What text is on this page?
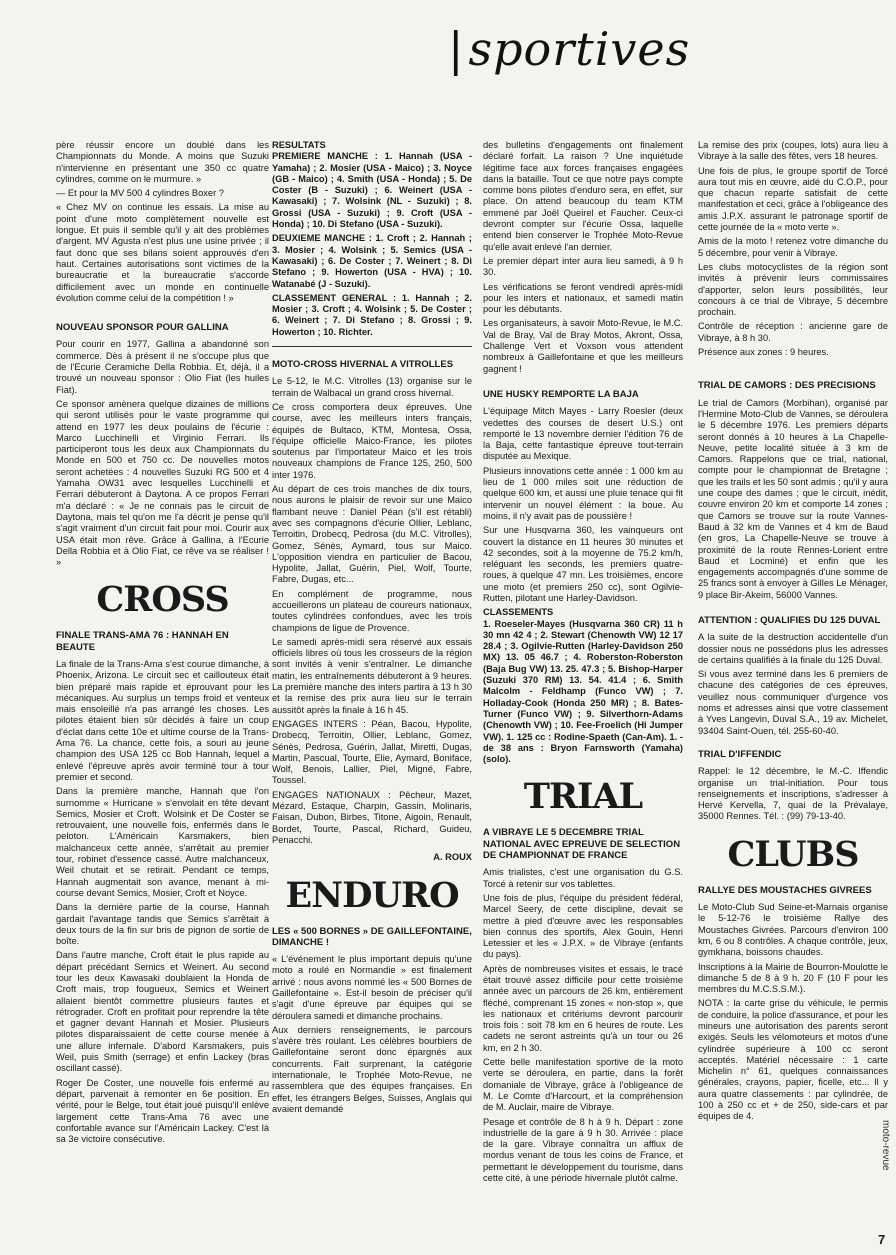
|sportives

père réussir encore un doublé dans les Championnats du Monde. A moins que Suzuki n'intervienne en présentant une 350 cc quatre cylindres, comme on le murmure. »

— Et pour la MV 500 4 cylindres Boxer ?

« Chez MV on continue les essais. La mise au point d'une moto complètement nouvelle est longue. Et puis il semble qu'il y ait des problèmes d'argent. MV Agusta n'est plus une usine privée ; il faut donc que ses bilans soient approuvés d'en haut. Certaines autorisations sont victimes de la bureaucratie et la bureaucratie s'accorde difficilement avec un monde en continuelle évolution comme celui de la compétition ! »

NOUVEAU SPONSOR POUR GALLINA

Pour courir en 1977, Gallina a abandonné son commerce. Dès à présent il ne s'occupe plus que de l'Ecurie Ceramiche Della Robbia. Et, déjà, il a trouvé un nouveau sponsor : Olio Fiat (les huiles Fiat).

Ce sponsor amènera quelque dizaines de millions qui seront utilisés pour le vaste programme qui attend en 1977 les deux poulains de l'écurie : Marco Lucchinelli et Virginio Ferrari. Ils participeront tous les deux aux Championnats du Monde en 500 et 750 cc. De nouvelles motos seront achetées : 4 nouvelles Suzuki RG 500 et 4 Yamaha OW31 avec lesquelles Lucchinelli et Ferrari débuteront à Daytona. A ce propos Ferrari m'a déclaré : « Je ne connais pas le circuit de Daytona, mais tel qu'on me l'a décrit je pense qu'il s'agit vraiment d'un circuit fait pour moi. Courir aux USA était mon rêve. Grâce à Gallina, à l'Ecurie Della Robbia et à Olio Fiat, ce rêve va se réaliser ! »

CROSS
FINALE TRANS-AMA 76 : HANNAH EN BEAUTE

La finale de la Trans-Ama s'est courue dimanche, à Phoenix, Arizona. Le circuit sec et caillouteux était bien préparé mais rapide et éprouvant pour les mécaniques. Au surplus un temps froid et venteux mais ensoleillé n'a pas arrangé les choses. Les pilotes étaient bien sûr décidés à faire un coup d'éclat dans cette 10e et ultime course de la Trans-Ama 76. La chance, cette fois, a souri au jeune champion des USA 125 cc Bob Hannah, lequel a enlevé l'épreuve après avoir terminé tour à tour premier et second.

Dans la première manche, Hannah que l'on surnomme « Hurricane » s'envolait en tête devant Semics, Mosier et Croft. Wolsink et De Coster se retrouvaient, une nouvelle fois, enfermés dans le peloton. L'Américain Karsmakers, bien malchanceux cette année, s'arrêtait au premier tour, robinet d'essence cassé. Autre malchanceux, Weil chutait et se retirait. Pendant ce temps, Hannah augmentait son avance, menant à mi-course devant Semics, Mosier, Croft et Noyce.

Dans la dernière partie de la course, Hannah gardait l'avantage tandis que Semics s'arrêtait à deux tours de la fin sur bris de pignon de sortie de boîte.

Dans l'autre manche, Croft était le plus rapide au départ précédant Semics et Weinert. Au second tour les deux Kawasaki doublaient la Honda de Croft mais, trop fougueux, Semics et Weinert allaient bientôt commettre plusieurs fautes et rétrograder. Croft en profitait pour reprendre la tête et gagner devant Hannah et Mosier. Plusieurs pilotes disparaissaient de cette course menée à une allure infernale. D'abord Karsmakers, puis Weil, puis Smith (serrage) et enfin Lackey (bras oscillant cassé).

Roger De Coster, une nouvelle fois enfermé au départ, parvenait à remonter en 6e position. En vérité, pour le Belge, tout était joué puisqu'il enlève largement cette Trans-Ama 76 avec une confortable avance sur l'Américain Lackey. C'est là sa 3e victoire consécutive.

RESULTATS

PREMIERE MANCHE : 1. Hannah (USA - Yamaha) ; 2. Mosier (USA - Maico) ; 3. Noyce (GB - Maico) ; 4. Smith (USA - Honda) ; 5. De Coster (B - Suzuki) ; 6. Weinert (USA - Kawasaki) ; 7. Wolsink (NL - Suzuki) ; 8. Grossi (USA - Suzuki) ; 9. Croft (USA - Honda) ; 10. Di Stefano (USA - Suzuki).

DEUXIEME MANCHE : 1. Croft ; 2. Hannah ; 3. Mosier ; 4. Wolsink ; 5. Semics (USA - Kawasaki) ; 6. De Coster ; 7. Weinert ; 8. Di Stefano ; 9. Howerton (USA - HVA) ; 10. Watanabé (J - Suzuki).

CLASSEMENT GENERAL : 1. Hannah ; 2. Mosier ; 3. Croft ; 4. Wolsink ; 5. De Coster ; 6. Weinert ; 7. Di Stefano ; 8. Grossi ; 9. Howerton ; 10. Richter.

MOTO-CROSS HIVERNAL A VITROLLES

Le 5-12, le M.C. Vitrolles (13) organise sur le terrain de Walbacal un grand cross hivernal.

Ce cross comportera deux épreuves. Une course, avec les meilleurs inters français, équipés de Bultaco, KTM, Montesa, Ossa, l'équipe officielle Maico-France, les pilotes soutenus par l'importateur Maico et les trois nouveaux champions de France 125, 250, 500 inter 1976.

Au départ de ces trois manches de dix tours, nous aurons le plaisir de revoir sur une Maico flambant neuve : Daniel Péan (s'il est rétabli) avec ses compagnons d'écurie Ollier, Leblanc, Terroitin, Drobecq, Pedrosa (du M.C. Vitrolles), Gomez, Sénès, Aymard, tous sur Maico. L'opposition viendra en particulier de Bacou, Hypolite, Jallat, Guérin, Piel, Wolf, Tourte, Fabre, Dugas, etc...

En complément de programme, nous accueillerons un plateau de coureurs nationaux, toutes cylindrées confondues, avec les trois champions de ligue de Provence.

Le samedi après-midi sera réservé aux essais officiels libres où tous les crosseurs de la région sont invités à venir s'entraîner. Le dimanche matin, les entraînements débuteront à 9 heures. La première manche des inters partira à 13 h 30 et la remise des prix aura lieu sur le terrain aussitôt après la finale à 16 h 45.

ENGAGES INTERS : Péan, Bacou, Hypolite, Drobecq, Terroitin, Ollier, Leblanc, Gomez, Sénès, Pedrosa, Guérin, Jallat, Miretti, Dugas, Martin, Pascual, Tourte, Elie, Aymard, Boniface, Wolf, Benois, Lallier, Piel, Migné, Fabre, Toussel.

ENGAGES NATIONAUX : Pêcheur, Mazet, Mézard, Estaque, Charpin, Gassin, Molinaris, Faisan, Dubon, Birbes, Titone, Aigoin, Renault, Bordet, Tourte, Pascal, Richard, Guideu, Penacchi.

A. ROUX
ENDURO
LES « 500 BORNES » DE GAILLEFONTAINE, DIMANCHE !

« L'événement le plus important depuis qu'une moto a roulé en Normandie » est finalement arrivé : nous avons nommé les « 500 Bornes de Gaillefontaine ». Est-il besoin de préciser qu'il s'agit d'une épreuve par équipes qui se déroulera samedi et dimanche prochains.

Aux derniers renseignements, le parcours s'avère très roulant. Les célèbres bourbiers de Gaillefontaine seront donc épargnés aux concurrents. Fait surprenant, la catégorie internationale, le Trophée Moto-Revue, ne rassemblera que des équipes françaises. En effet, les étrangers Belges, Suisses, Anglais qui avaient demandé

des bulletins d'engagements ont finalement déclaré forfait. La raison ? Une inquiétude légitime face aux forces françaises engagées dans la bataille. Tout ce que notre pays compte comme bons pilotes d'enduro sera, en effet, sur place. On attend beaucoup du team KTM emmené par Joël Queirel et Faucher. Ceux-ci devront compter sur l'écurie Ossa, laquelle entend bien conserver le Trophée Moto-Revue qu'elle avait enlevé l'an dernier.

Le premier départ inter aura lieu samedi, à 9 h 30.

Les vérifications se feront vendredi après-midi pour les inters et nationaux, et samedi matin pour les débutants.

Les organisateurs, à savoir Moto-Revue, le M.C. Val de Bray, Val de Bray Motos, Akront, Ossa, Challenge Vert et Voxson vous attendent nombreux à Gaillefontaine et que les meilleurs gagnent !

UNE HUSKY REMPORTE LA BAJA

L'équipage Mitch Mayes - Larry Roesler (deux vedettes des courses de desert U.S.) ont remporté le 13 novembre dernier l'édition 76 de la Baja, cette fantastique épreuve tout-terrain disputée au Mexique.

Plusieurs innovations cette année : 1 000 km au lieu de 1 000 miles soit une réduction de quelque 600 km, et aussi une pluie tenace qui fit intervenir un nouvel élément : la boue. Au moins, il n'y avait pas de poussière !

Sur une Husqvarna 360, les vainqueurs ont couvert la distance en 11 heures 30 minutes et 42 secondes, soit à la moyenne de 75.2 km/h, reléguant les seconds, les premiers quatre-roues, à quelque 47 mn. Les troisièmes, encore une moto (et premiers 250 cc), sont Ogilvie-Rutten, pilotant une Harley-Davidson.

CLASSEMENTS

1. Roeseler-Mayes (Husqvarna 360 CR) 11 h 30 mn 42 4 ; 2. Stewart (Chenowth VW) 12 17 28.4 ; 3. Ogilvie-Rutten (Harley-Davidson 250 MX) 13. 05 46.7 ; 4. Roberston-Roberston (Baja Bug VW) 13. 25. 47.3 ; 5. Bishop-Harper (Suzuki 370 RM) 13. 54. 41.4 ; 6. Smith Malcolm - Feldhamp (Funco VW) ; 7. Holladay-Cook (Honda 250 MR) ; 8. Bates-Turner (Funco VW) ; 9. Silverthorn-Adams (Chenowth VW) ; 10. Fee-Froelich (Hi Jumper VW). 1. 125 cc : Rodine-Spaeth (Can-Am). 1. - de 38 ans : Bryon Farnsworth (Yamaha) (solo).

TRIAL
A VIBRAYE LE 5 DECEMBRE TRIAL NATIONAL AVEC EPREUVE DE SELECTION DE CHAMPIONNAT DE FRANCE

Amis trialistes, c'est une organisation du G.S. Torcé à retenir sur vos tablettes.

Une fois de plus, l'équipe du président fédéral, Marcel Seery, de cette discipline, devait se mettre à pied d'œuvre avec les responsables bien connus des sportifs, Alex Gouin, Henri Letessier et les « J.P.X. » de Vibraye (enfants du pays).

Après de nombreuses visites et essais, le tracé était trouvé assez difficile pour cette troisième année avec un parcours de 26 km, entièrement fléché, comprenant 15 zones « non-stop », que les nationaux et critériums devront parcourir trois fois : soit 78 km en 6 heures de route. Les cadets ne seront astreints qu'à un tour ou 26 km, en 2 h 30.

Cette belle manifestation sportive de la moto verte se déroulera, en partie, dans la forêt domaniale de Vibraye, grâce à l'obligeance de M. Le Comte d'Harcourt, et la compréhension de M. Auclair, maire de Vibraye.

Pesage et contrôle de 8 h à 9 h. Départ : zone industrielle de la gare à 9 h 30. Arrivée : place de la gare. Vibraye connaîtra un afflux de mordus venant de tous les coins de France, et permettant le développement du tourisme, dans cette cité, à une période hivernale plutôt calme.

La remise des prix (coupes, lots) aura lieu à Vibraye à la salle des fêtes, vers 18 heures.

Une fois de plus, le groupe sportif de Torcé aura tout mis en œuvre, aidé du C.O.P., pour que chacun reparte satisfait de cette manifestation et ceci, grâce à l'obligeance des amis J.P.X. assurant le patronage sportif de cette journée de la « moto verte ».

Amis de la moto ! retenez votre dimanche du 5 décembre, pour venir à Vibraye.

Les clubs motocyclistes de la région sont invités à prévenir leurs commissaires d'apporter, selon leurs possibilités, leur concours à ce trial de Vibraye, 5 décembre prochain.

Contrôle de réception : ancienne gare de Vibraye, à 8 h 30.

Présence aux zones : 9 heures.

TRIAL DE CAMORS : DES PRECISIONS

Le trial de Camors (Morbihan), organisé par l'Hermine Moto-Club de Vannes, se déroulera le 5 décembre 1976. Les premiers départs seront donnés à 10 heures à La Chapelle-Neuve, petite localité située à 3 km de Camors. Rappelons que ce trial, national, compte pour le championnat de Bretagne ; que les trails et les 50 sont admis ; qu'il y aura une coupe des dames ; que le circuit, inédit, couvre environ 20 km et comporte 14 zones ; que Camors se trouve sur la route Vannes-Baud à 32 km de Vannes et 4 km de Baud (en gros, La Chapelle-Neuve se trouve à proximité de la route Rennes-Lorient entre Baud et Locminé) et enfin que les engagements accompagnés d'une somme de 25 francs sont à envoyer à Gilles Le Ménager, 9 place Bir-Akeim, 56000 Vannes.

ATTENTION : QUALIFIES DU 125 DUVAL

A la suite de la destruction accidentelle d'un dossier nous ne possédons plus les adresses de certains qualifiés à la finale du 125 Duval.

Si vous avez terminé dans les 6 premiers de chacune des catégories de ces épreuves, veuillez nous communiquer d'urgence vos noms et adresses ainsi que votre classement à Yves Langevin, Duval S.A., 19 av. Michelet, 93404 Saint-Ouen, tél. 255-60-40.

TRIAL D'IFFENDIC

Rappel: le 12 décembre, le M.-C. Iffendic organise un trial-initiation. Pour tous renseignements et inscriptions, s'adresser à Hervé Kervella, 7, quai de la Prévalaye, 35000 Rennes. Tél. : (99) 79-13-40.

CLUBS
RALLYE DES MOUSTACHES GIVREES

Le Moto-Club Sud Seine-et-Marnais organise le 5-12-76 le troisième Rallye des Moustaches Givrées. Parcours d'environ 100 km, 6 ou 8 contrôles. A chaque contrôle, jeux, gymkhana, boissons chaudes.

Inscriptions à la Mairie de Bourron-Moulotte le dimanche 5 de 8 à 9 h. 20 F (10 F pour les membres du M.C.S.S.M.).

NOTA : la carte grise du véhicule, le permis de conduire, la police d'assurance, et pour les mineurs une autorisation des parents seront exigés. Seuls les vélomoteurs et motos d'une cylindrée supérieure à 100 cc seront acceptés. Matériel nécessaire : 1 carte Michelin n° 61, quelques connaissances générales, crayons, papier, ficelle, etc... Il y aura quatre classements : par cylindrée, de 100 à 250 cc et + de 250, side-cars et par équipes de 4.

moto-revue
7
